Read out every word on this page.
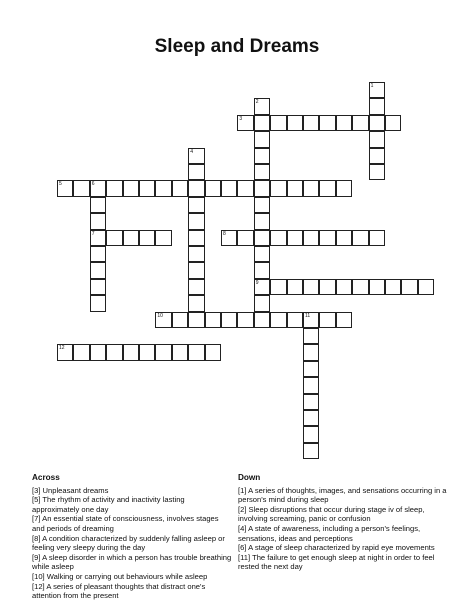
Sleep and Dreams
3
5	6
7	8
9
10	11
12
1
2
4
Across

[3] Unpleasant dreams

[5] The rhythm of activity and inactivity lasting approximately one day

[7] An essential state of consciousness, involves stages and periods of dreaming

[8] A condition characterized by suddenly falling asleep or feeling very sleepy during the day

[9] A sleep disorder in which a person has trouble breathing while asleep

[10] Walking or carrying out behaviours while asleep

[12] A series of pleasant thoughts that distract one's attention from the present

Down

[1] A series of thoughts, images, and sensations occurring in a person's mind during sleep

[2] Sleep disruptions that occur during stage iv of sleep, involving screaming, panic or confusion

[4] A state of awareness, including a person's feelings, sensations, ideas and perceptions

[6] A stage of sleep characterized by rapid eye movements

[11] The failure to get enough sleep at night in order to feel rested the next day
